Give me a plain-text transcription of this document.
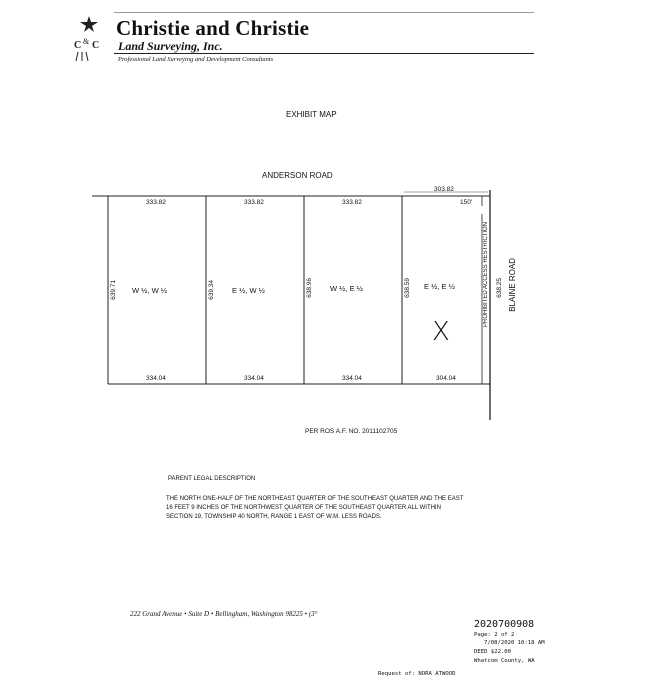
C & C
Christie and Christie
Land Surveying, Inc.
Professional Land Surveying and Development Consultants
EXHIBIT MAP
ANDERSON ROAD
333.82	333.82	333.82
303.82
150'
334.04	334.04	334.04	304.04
639.71	639.34	638.96	638.59	638.25
PROHIBITED ACCESS RESTRICTION BLAINE ROAD
W ½, W ½	E ½, W ½	W ½, E ½	E ½, E ½
X
PER ROS A.F. NO. 2011102705
PARENT LEGAL DESCRIPTION
THE NORTH ONE-HALF OF THE NORTHEAST QUARTER OF THE SOUTHEAST QUARTER AND THE EAST 16 FEET 9 INCHES OF THE NORTHWEST QUARTER OF THE SOUTHEAST QUARTER ALL WITHIN SECTION 19, TOWNSHIP 40 NORTH, RANGE 1 EAST OF W.M. LESS ROADS.
222 Grand Avenue • Suite D • Bellingham, Washington 98225 • (3°
2020700908
Page: 2 of 2
7/08/2020 10:18 AM
DEED $22.00
Whatcom County, WA
Request of: NORA ATWOOD
